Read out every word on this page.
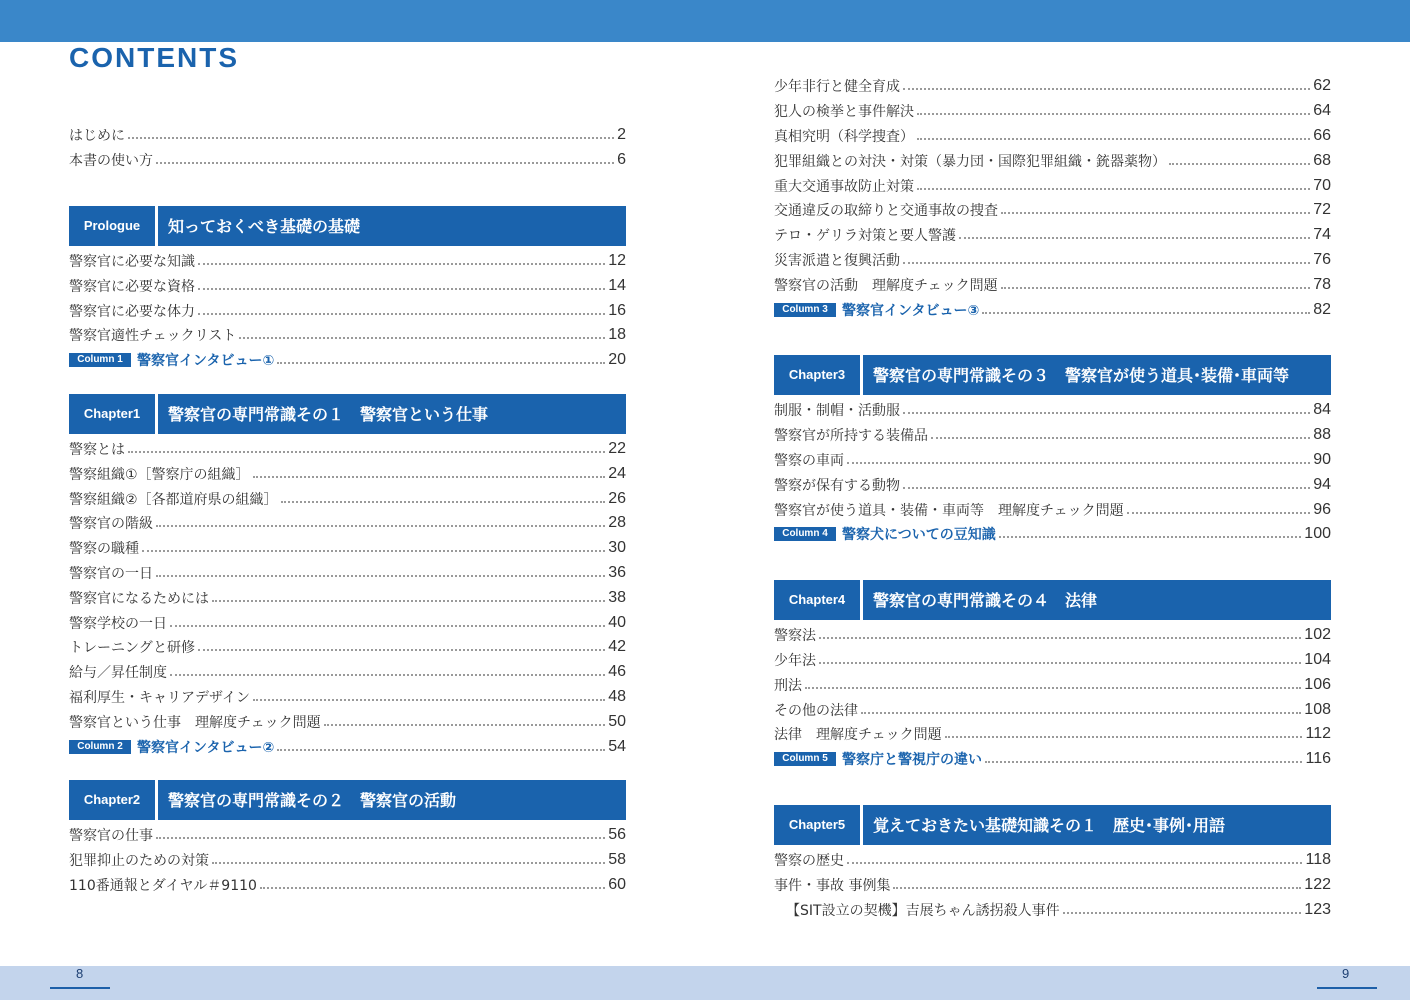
CONTENTS
はじめに	2
本書の使い方	6
Prologue	知っておくべき基礎の基礎
警察官に必要な知識	12
警察官に必要な資格	14
警察官に必要な体力	16
警察官適性チェックリスト	18
Column 1	警察官インタビュー①	20
Chapter1	警察官の専門常識その１　警察官という仕事
警察とは	22
警察組織①［警察庁の組織］	24
警察組織②［各都道府県の組織］	26
警察官の階級	28
警察の職種	30
警察官の一日	36
警察官になるためには	38
警察学校の一日	40
トレーニングと研修	42
給与／昇任制度	46
福利厚生・キャリアデザイン	48
警察官という仕事　理解度チェック問題	50
Column 2	警察官インタビュー②	54
Chapter2	警察官の専門常識その２　警察官の活動
警察官の仕事	56
犯罪抑止のための対策	58
110番通報とダイヤル＃9110	60
少年非行と健全育成	62
犯人の検挙と事件解決	64
真相究明（科学捜査）	66
犯罪組織との対決・対策（暴力団・国際犯罪組織・銃器薬物）	68
重大交通事故防止対策	70
交通違反の取締りと交通事故の捜査	72
テロ・ゲリラ対策と要人警護	74
災害派遣と復興活動	76
警察官の活動　理解度チェック問題	78
Column 3	警察官インタビュー③	82
Chapter3	警察官の専門常識その３　警察官が使う道具･装備･車両等
制服・制帽・活動服	84
警察官が所持する装備品	88
警察の車両	90
警察が保有する動物	94
警察官が使う道具・装備・車両等　理解度チェック問題	96
Column 4	警察犬についての豆知識	100
Chapter4	警察官の専門常識その４　法律
警察法	102
少年法	104
刑法	106
その他の法律	108
法律　理解度チェック問題	112
Column 5	警察庁と警視庁の違い	116
Chapter5	覚えておきたい基礎知識その１　歴史･事例･用語
警察の歴史	118
事件・事故 事例集	122
【SIT設立の契機】吉展ちゃん誘拐殺人事件	123
8	9
